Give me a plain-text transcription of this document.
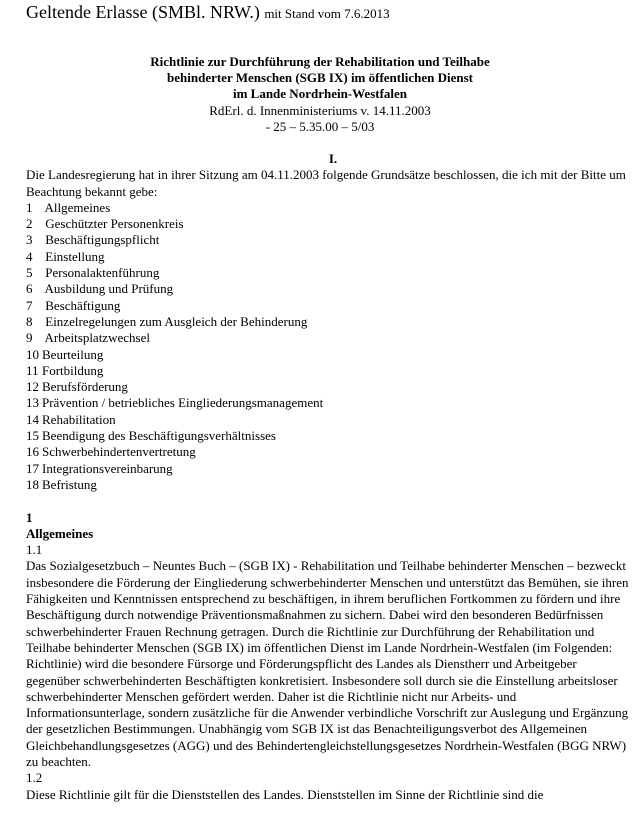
Geltende Erlasse (SMBl. NRW.) mit Stand vom 7.6.2013
Richtlinie zur Durchführung der Rehabilitation und Teilhabe
behinderter Menschen (SGB IX) im öffentlichen Dienst
im Lande Nordrhein-Westfalen
RdErl. d. Innenministeriums v. 14.11.2003
- 25 – 5.35.00 – 5/03
I.

Die Landesregierung hat in ihrer Sitzung am 04.11.2003 folgende Grundsätze beschlossen, die ich mit der Bitte um Beachtung bekannt gebe:

1 Allgemeines
2 Geschützter Personenkreis
3 Beschäftigungspflicht
4 Einstellung
5 Personalaktenführung
6 Ausbildung und Prüfung
7 Beschäftigung
8 Einzelregelungen zum Ausgleich der Behinderung
9 Arbeitsplatzwechsel
10 Beurteilung
11 Fortbildung
12 Berufsförderung
13 Prävention / betriebliches Eingliederungsmanagement
14 Rehabilitation
15 Beendigung des Beschäftigungsverhältnisses
16 Schwerbehindertenvertretung
17 Integrationsvereinbarung
18 Befristung
1
Allgemeines
1.1

Das Sozialgesetzbuch – Neuntes Buch – (SGB IX) - Rehabilitation und Teilhabe behinderter Menschen – bezweckt insbesondere die Förderung der Eingliederung schwerbehinderter Menschen und unterstützt das Bemühen, sie ihren Fähigkeiten und Kenntnissen entsprechend zu beschäftigen, in ihrem beruflichen Fortkommen zu fördern und ihre Beschäftigung durch notwendige Präventionsmaßnahmen zu sichern. Dabei wird den besonderen Bedürfnissen schwerbehinderter Frauen Rechnung getragen. Durch die Richtlinie zur Durchführung der Rehabilitation und Teilhabe behinderter Menschen (SGB IX) im öffentlichen Dienst im Lande Nordrhein-Westfalen (im Folgenden: Richtlinie) wird die besondere Fürsorge und Förderungspflicht des Landes als Dienstherr und Arbeitgeber gegenüber schwerbehinderten Beschäftigten konkretisiert. Insbesondere soll durch sie die Einstellung arbeitsloser schwerbehinderter Menschen gefördert werden. Daher ist die Richtlinie nicht nur Arbeits- und Informationsunterlage, sondern zusätzliche für die Anwender verbindliche Vorschrift zur Auslegung und Ergänzung der gesetzlichen Bestimmungen. Unabhängig vom SGB IX ist das Benachteiligungsverbot des Allgemeinen Gleichbehandlungsgesetzes (AGG) und des Behindertengleichstellungsgesetzes Nordrhein-Westfalen (BGG NRW) zu beachten.

1.2

Diese Richtlinie gilt für die Dienststellen des Landes. Dienststellen im Sinne der Richtlinie sind die
